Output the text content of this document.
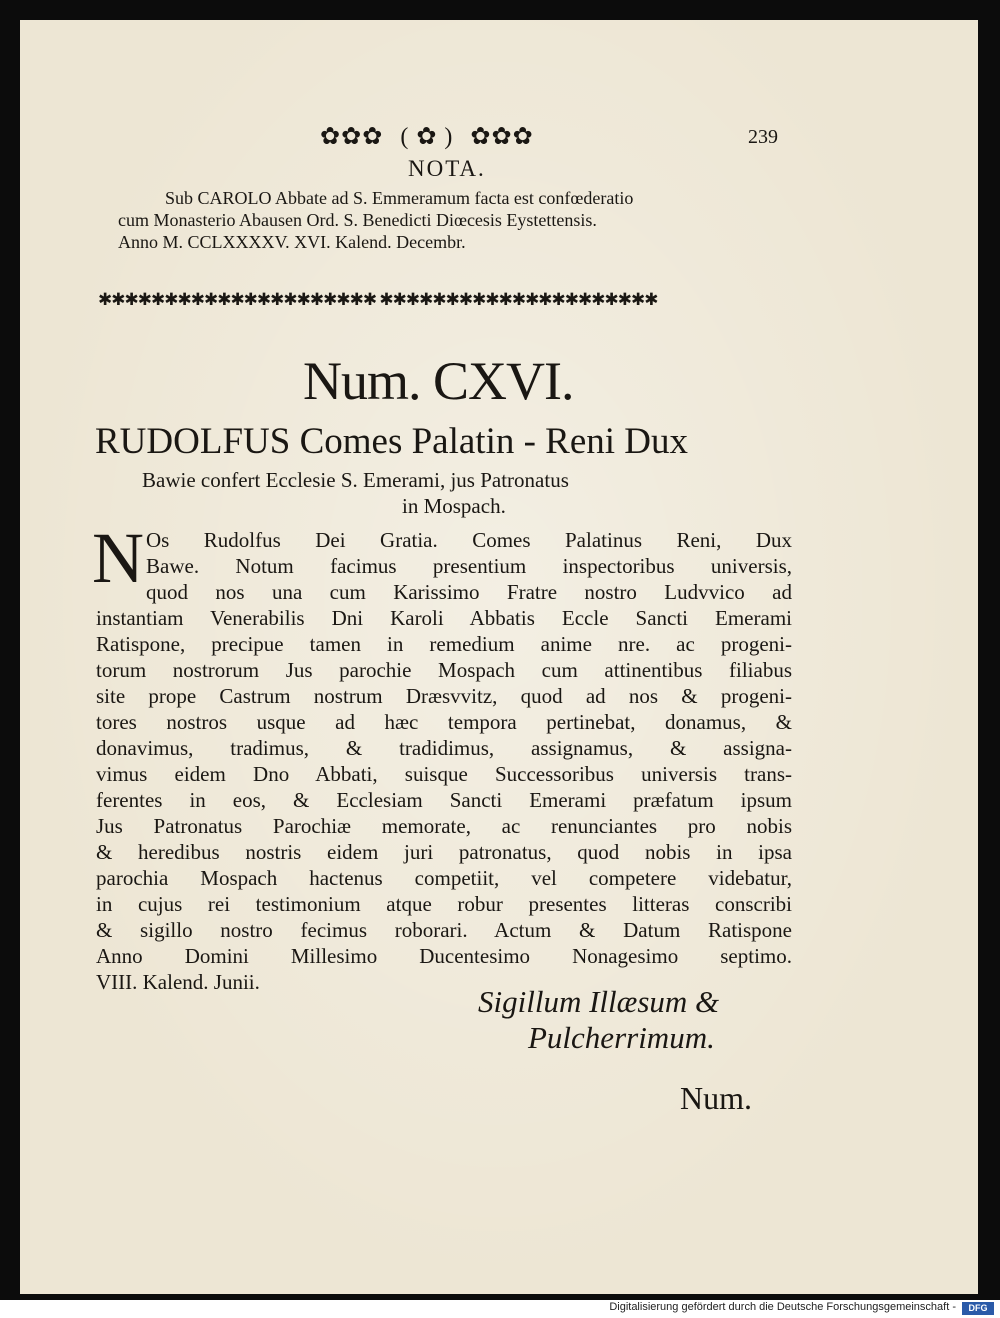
✿✿✿ ( ✿ ) ✿✿✿	239
NOTA.
Sub CAROLO Abbate ad S. Emmeramum facta est confœderatio
cum Monasterio Abausen Ord. S. Benedicti Diœcesis Eystettensis.
Anno M. CCLXXXXV. XVI. Kalend. Decembr.
✱✱✱✱✱✱✱✱✱✱✱✱✱✱✱✱✱✱✱✱✱ ✱✱✱✱✱✱✱✱✱✱✱✱✱✱✱✱✱✱✱✱✱
Num. CXVI.
RUDOLFUS Comes Palatin - Reni Dux
Bawie confert Ecclesie S. Emerami, jus Patronatus
in Mospach.
N Os Rudolfus Dei Gratia. Comes Palatinus Reni, Dux
Bawe. Notum facimus presentium inspectoribus universis,
quod nos una cum Karissimo Fratre nostro Ludvvico ad
instantiam Venerabilis Dni Karoli Abbatis Eccle Sancti Emerami
Ratispone, precipue tamen in remedium anime nre. ac progeni-
torum nostrorum Jus parochie Mospach cum attinentibus filiabus
site prope Castrum nostrum Dræsvvitz, quod ad nos & progeni-
tores nostros usque ad hæc tempora pertinebat, donamus, &
donavimus, tradimus, & tradidimus, assignamus, & assigna-
vimus eidem Dno Abbati, suisque Successoribus universis trans-
ferentes in eos, & Ecclesiam Sancti Emerami præfatum ipsum
Jus Patronatus Parochiæ memorate, ac renunciantes pro nobis
& heredibus nostris eidem juri patronatus, quod nobis in ipsa
parochia Mospach hactenus competiit, vel competere videbatur,
in cujus rei testimonium atque robur presentes litteras conscribi
& sigillo nostro fecimus roborari. Actum & Datum Ratispone
Anno Domini Millesimo Ducentesimo Nonagesimo septimo.
VIII. Kalend. Junii.
Sigillum Illæsum &
Pulcherrimum.
Num.
Digitalisierung gefördert durch die Deutsche Forschungsgemeinschaft -	DFG
